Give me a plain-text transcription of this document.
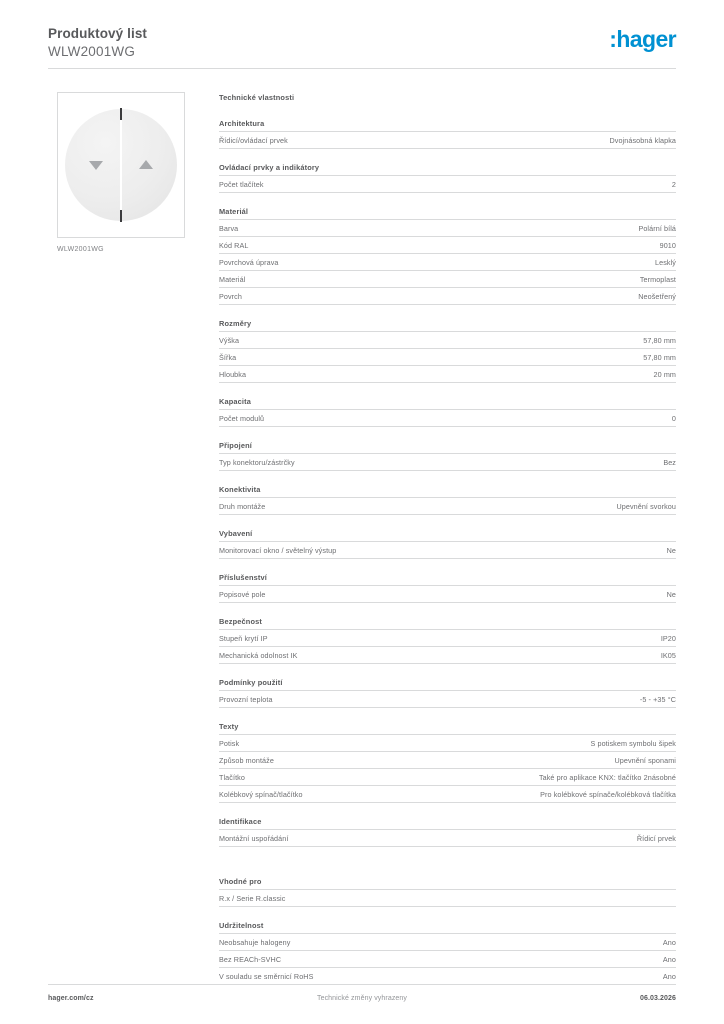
Produktový list
WLW2001WG	:hager
WLW2001WG
Technické vlastnosti
Architektura
Řídicí/ovládací prvek	Dvojnásobná klapka
Ovládací prvky a indikátory
Počet tlačítek	2
Materiál
Barva	Polární bílá
Kód RAL	9010
Povrchová úprava	Lesklý
Materiál	Termoplast
Povrch	Neošetřený
Rozměry
Výška	57,80 mm
Šířka	57,80 mm
Hloubka	20 mm
Kapacita
Počet modulů	0
Připojení
Typ konektoru/zástrčky	Bez
Konektivita
Druh montáže	Upevnění svorkou
Vybavení
Monitorovací okno / světelný výstup	Ne
Příslušenství
Popisové pole	Ne
Bezpečnost
Stupeň krytí IP	IP20
Mechanická odolnost IK	IK05
Podmínky použití
Provozní teplota	-5 - +35 °C
Texty
Potisk	S potiskem symbolu šipek
Způsob montáže	Upevnění sponami
Tlačítko	Také pro aplikace KNX: tlačítko 2násobné
Kolébkový spínač/tlačítko	Pro kolébkové spínače/kolébková tlačítka
Identifikace
Montážní uspořádání	Řídicí prvek
Vhodné pro
R.x / Serie R.classic
Udržitelnost
Neobsahuje halogeny	Ano
Bez REACh-SVHC	Ano
V souladu se směrnicí RoHS	Ano
hager.com/cz	Technické změny vyhrazeny	06.03.2026
